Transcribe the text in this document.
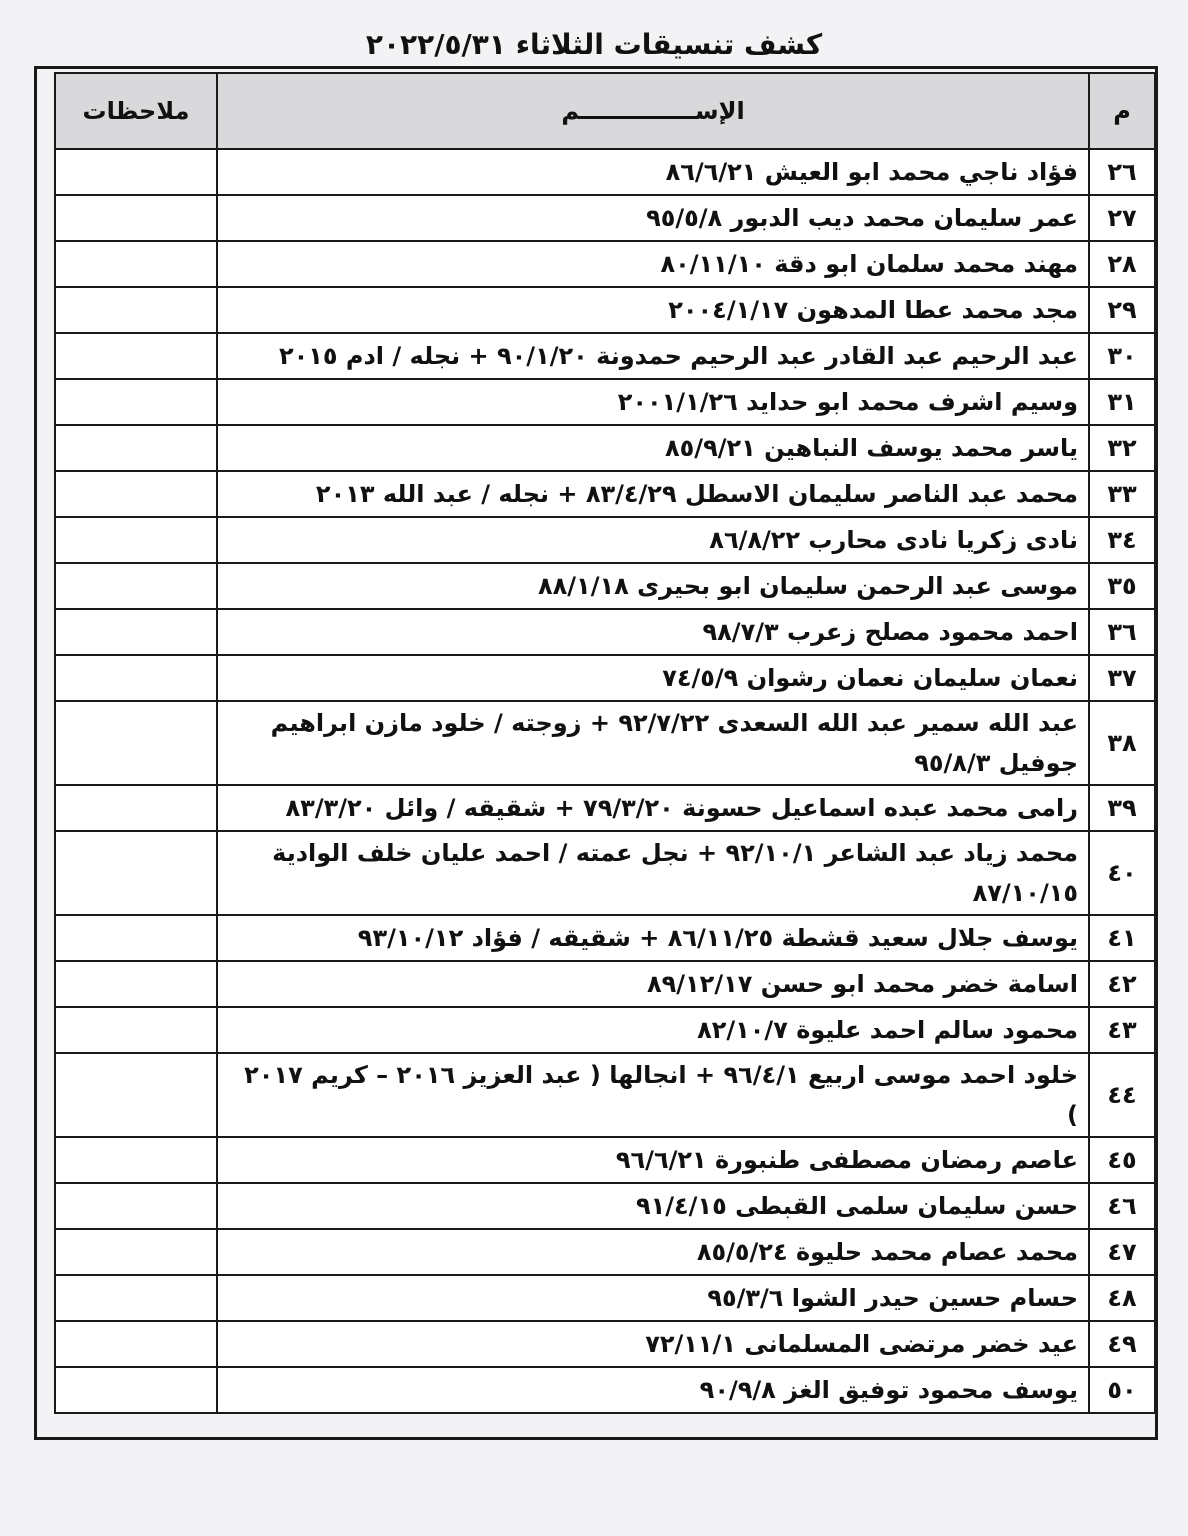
كشف تنسيقات الثلاثاء ٢٠٢٢/٥/٣١
م	الإســــــــــــــم	ملاحظات
٢٦	فؤاد ناجي محمد ابو العيش ٨٦/٦/٢١	
٢٧	عمر سليمان محمد ديب الدبور ٩٥/٥/٨	
٢٨	مهند محمد سلمان ابو دقة ٨٠/١١/١٠	
٢٩	مجد محمد عطا المدهون ٢٠٠٤/١/١٧	
٣٠	عبد الرحيم عبد القادر عبد الرحيم حمدونة ٩٠/١/٢٠ + نجله / ادم ٢٠١٥	
٣١	وسيم اشرف محمد ابو حدايد ٢٠٠١/١/٢٦	
٣٢	ياسر محمد يوسف النباهين ٨٥/٩/٢١	
٣٣	محمد عبد الناصر سليمان الاسطل ٨٣/٤/٢٩ + نجله / عبد الله ٢٠١٣	
٣٤	نادى زكريا نادى محارب ٨٦/٨/٢٢	
٣٥	موسى عبد الرحمن سليمان ابو بحيرى ٨٨/١/١٨	
٣٦	احمد محمود مصلح زعرب ٩٨/٧/٣	
٣٧	نعمان سليمان نعمان رشوان ٧٤/٥/٩	
٣٨	عبد الله سمير عبد الله السعدى ٩٢/٧/٢٢ + زوجته / خلود مازن ابراهيم جوفيل ٩٥/٨/٣	
٣٩	رامى محمد عبده اسماعيل حسونة ٧٩/٣/٢٠ + شقيقه / وائل ٨٣/٣/٢٠	
٤٠	محمد زياد عبد الشاعر ٩٢/١٠/١ + نجل عمته / احمد عليان خلف الوادية ٨٧/١٠/١٥	
٤١	يوسف جلال سعيد قشطة ٨٦/١١/٢٥ + شقيقه / فؤاد ٩٣/١٠/١٢	
٤٢	اسامة خضر محمد ابو حسن ٨٩/١٢/١٧	
٤٣	محمود سالم احمد عليوة ٨٢/١٠/٧	
٤٤	خلود احمد موسى اربيع ٩٦/٤/١ + انجالها ( عبد العزيز ٢٠١٦ – كريم ٢٠١٧ )	
٤٥	عاصم رمضان مصطفى طنبورة ٩٦/٦/٢١	
٤٦	حسن سليمان سلمى القبطى ٩١/٤/١٥	
٤٧	محمد عصام محمد حليوة ٨٥/٥/٢٤	
٤٨	حسام حسين حيدر الشوا ٩٥/٣/٦	
٤٩	عيد خضر مرتضى المسلمانى ٧٢/١١/١	
٥٠	يوسف محمود توفيق الغز ٩٠/٩/٨	
